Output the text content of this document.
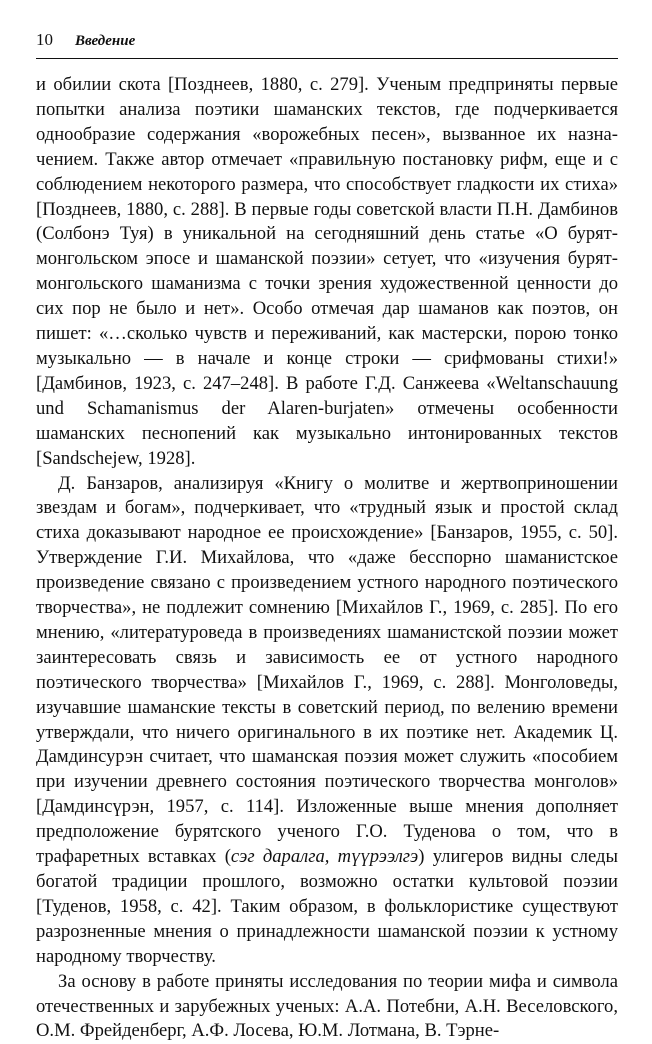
10 Введение

и обилии скота [Позднеев, 1880, с. 279]. Ученым предприняты первые попытки анализа поэтики шаманских текстов, где подчеркивается однообразие содержания «ворожебных песен», вызванное их назначением. Также автор отмечает «правильную постановку рифм, еще и с соблюдением некоторого размера, что способствует гладкости их стиха» [Позднеев, 1880, с. 288]. В первые годы советской власти П.Н. Дамбинов (Солбонэ Туя) в уникальной на сегодняшний день статье «О бурят-монгольском эпосе и шаманской поэзии» сетует, что «изучения бурят-монгольского шаманизма с точки зрения художественной ценности до сих пор не было и нет». Особо отмечая дар шаманов как поэтов, он пишет: «…сколько чувств и переживаний, как мастерски, порою тонко музыкально — в начале и конце строки — срифмованы стихи!» [Дамбинов, 1923, с. 247–248]. В работе Г.Д. Санжеева «Weltanschauung und Schamanismus der Alaren-burjaten» отмечены особенности шаманских песнопений как музыкально интонированных текстов [Sandschejew, 1928].

Д. Банзаров, анализируя «Книгу о молитве и жертвоприношении звездам и богам», подчеркивает, что «трудный язык и простой склад стиха доказывают народное ее происхождение» [Банзаров, 1955, с. 50]. Утверждение Г.И. Михайлова, что «даже бесспорно шаманистское произведение связано с произведением устного народного поэтического творчества», не подлежит сомнению [Михайлов Г., 1969, с. 285]. По его мнению, «литературоведа в произведениях шаманистской поэзии может заинтересовать связь и зависимость ее от устного народного поэтического творчества» [Михайлов Г., 1969, с. 288]. Монголоведы, изучавшие шаманские тексты в советский период, по велению времени утверждали, что ничего оригинального в их поэтике нет. Академик Ц. Дамдинсурэн считает, что шаманская поэзия может служить «пособием при изучении древнего состояния поэтического творчества монголов» [Дамдинсүрэн, 1957, с. 114]. Изложенные выше мнения дополняет предположение бурятского ученого Г.О. Туденова о том, что в трафаретных вставках (сэг даралга, түүрээлгэ) улигеров видны следы богатой традиции прошлого, возможно остатки культовой поэзии [Туденов, 1958, с. 42]. Таким образом, в фольклористике существуют разрозненные мнения о принадлежности шаманской поэзии к устному народному творчеству.

За основу в работе приняты исследования по теории мифа и символа отечественных и зарубежных ученых: А.А. Потебни, А.Н. Веселовского, О.М. Фрейденберг, А.Ф. Лосева, Ю.М. Лотмана, В. Тэрне-
